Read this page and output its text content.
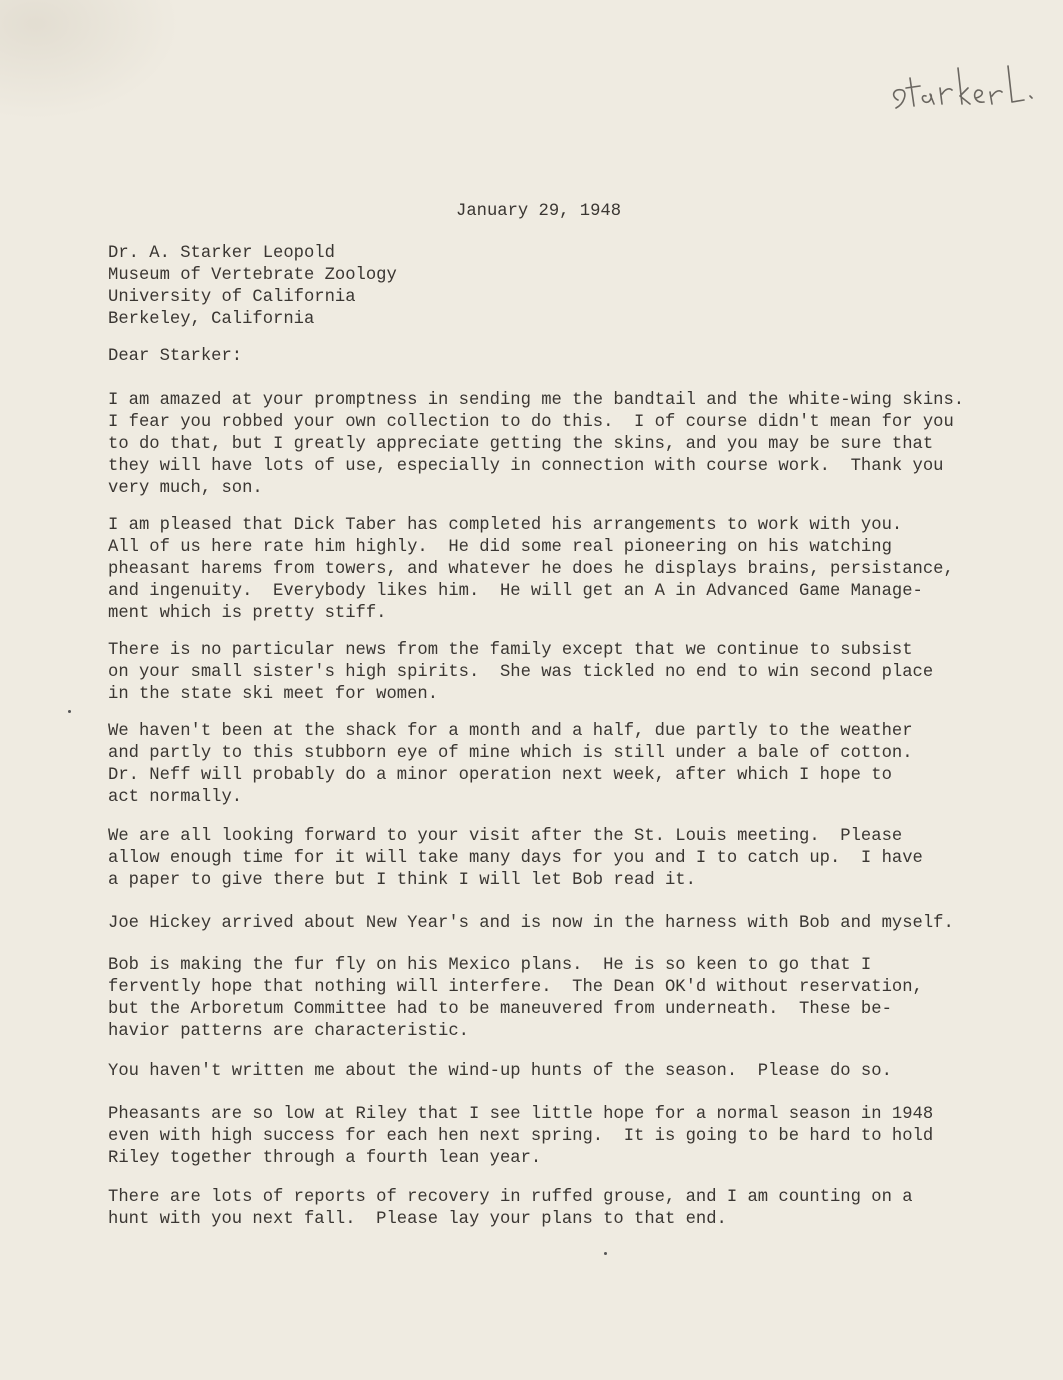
January 29, 1948
Dr. A. Starker Leopold
Museum of Vertebrate Zoology
University of California
Berkeley, California
Dear Starker:
I am amazed at your promptness in sending me the bandtail and the white-wing skins.
I fear you robbed your own collection to do this.  I of course didn't mean for you
to do that, but I greatly appreciate getting the skins, and you may be sure that
they will have lots of use, especially in connection with course work.  Thank you
very much, son.
I am pleased that Dick Taber has completed his arrangements to work with you.
All of us here rate him highly.  He did some real pioneering on his watching
pheasant harems from towers, and whatever he does he displays brains, persistance,
and ingenuity.  Everybody likes him.  He will get an A in Advanced Game Manage-
ment which is pretty stiff.
There is no particular news from the family except that we continue to subsist
on your small sister's high spirits.  She was tickled no end to win second place
in the state ski meet for women.
We haven't been at the shack for a month and a half, due partly to the weather
and partly to this stubborn eye of mine which is still under a bale of cotton.
Dr. Neff will probably do a minor operation next week, after which I hope to
act normally.
We are all looking forward to your visit after the St. Louis meeting.  Please
allow enough time for it will take many days for you and I to catch up.  I have
a paper to give there but I think I will let Bob read it.
Joe Hickey arrived about New Year's and is now in the harness with Bob and myself.
Bob is making the fur fly on his Mexico plans.  He is so keen to go that I
fervently hope that nothing will interfere.  The Dean OK'd without reservation,
but the Arboretum Committee had to be maneuvered from underneath.  These be-
havior patterns are characteristic.
You haven't written me about the wind-up hunts of the season.  Please do so.
Pheasants are so low at Riley that I see little hope for a normal season in 1948
even with high success for each hen next spring.  It is going to be hard to hold
Riley together through a fourth lean year.
There are lots of reports of recovery in ruffed grouse, and I am counting on a
hunt with you next fall.  Please lay your plans to that end.
